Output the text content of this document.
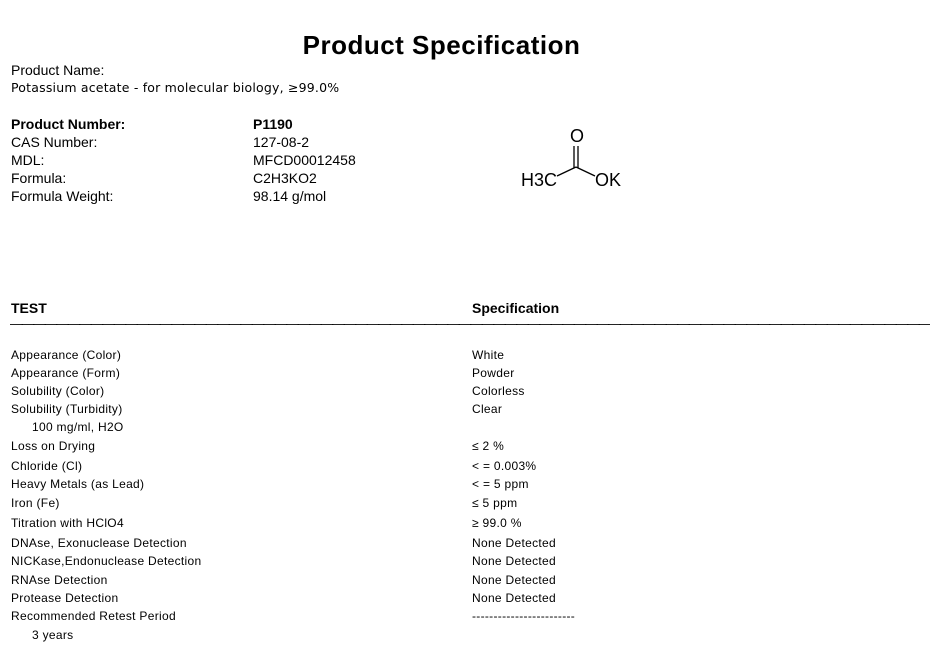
Product Specification
Product Name:
Potassium acetate - for molecular biology, ≥99.0%
Product Number:	P1190
CAS Number:	127-08-2
MDL:	MFCD00012458
Formula:	C2H3KO2
Formula Weight:	98.14 g/mol
O
H3C OK
TEST	Specification
————————————————————————————————————————————————————————————————————————————————
Appearance (Color)	White
Appearance (Form)	Powder
Solubility (Color)	Colorless
Solubility (Turbidity)	Clear
100 mg/ml, H2O
Loss on Drying	≤ 2 %
Chloride (Cl)	< = 0.003%
Heavy Metals (as Lead)	< = 5 ppm
Iron (Fe)	≤ 5 ppm
Titration with HClO4	≥ 99.0 %
DNAse, Exonuclease Detection	None Detected
NICKase,Endonuclease Detection	None Detected
RNAse Detection	None Detected
Protease Detection	None Detected
Recommended Retest Period	------------------------
3 years
